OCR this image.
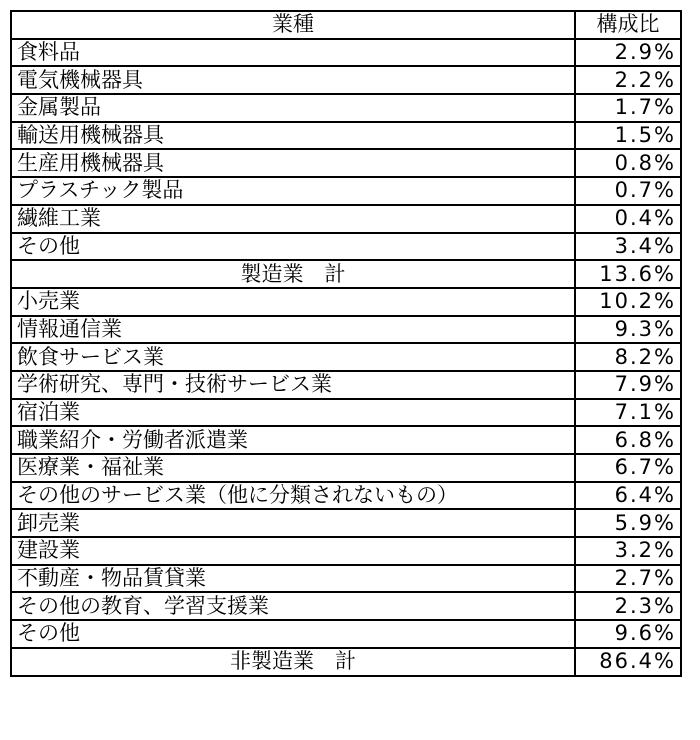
業種	構成比
食料品	2.9%
電気機械器具	2.2%
金属製品	1.7%
輸送用機械器具	1.5%
生産用機械器具	0.8%
プラスチック製品	0.7%
繊維工業	0.4%
その他	3.4%
製造業　計	13.6%
小売業	10.2%
情報通信業	9.3%
飲食サービス業	8.2%
学術研究、専門・技術サービス業	7.9%
宿泊業	7.1%
職業紹介・労働者派遣業	6.8%
医療業・福祉業	6.7%
その他のサービス業（他に分類されないもの）	6.4%
卸売業	5.9%
建設業	3.2%
不動産・物品賃貸業	2.7%
その他の教育、学習支援業	2.3%
その他	9.6%
非製造業　計	86.4%
